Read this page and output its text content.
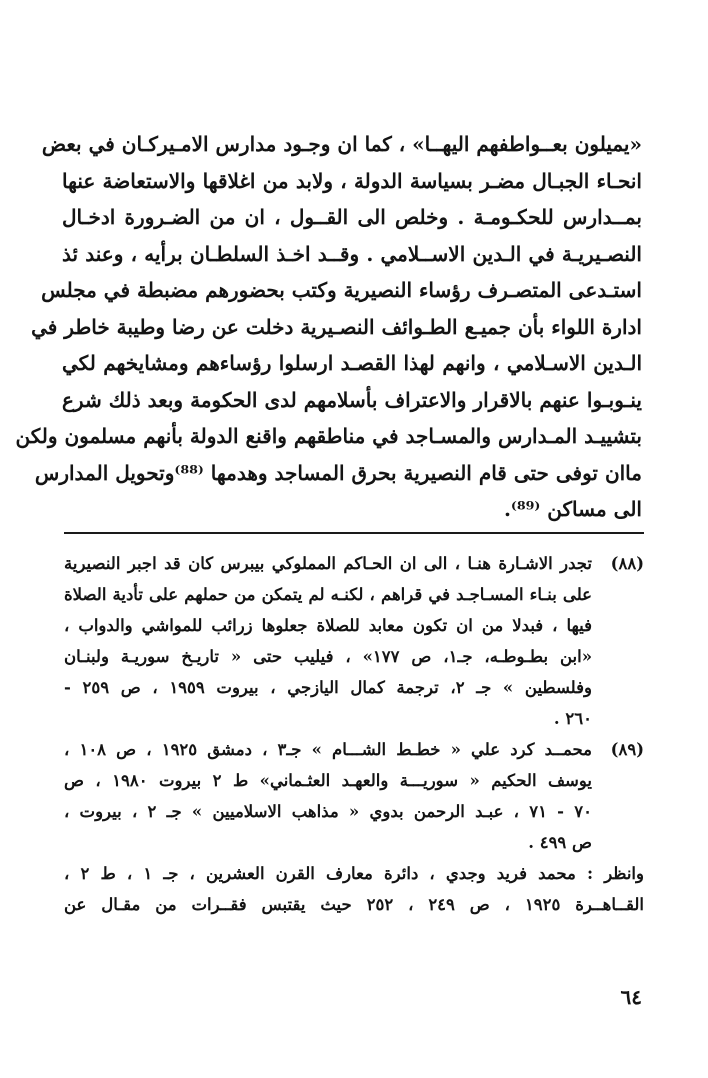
«يميلون بعــواطفهم اليهــا» ، كما ان وجـود مدارس الامـيركـان في بعض
انحـاء الجبـال مضـر بسياسة الدولة ، ولابد من اغلاقها والاستعاضة عنها
بمــدارس للحكـومـة . وخلص الى القــول ، ان من الضـرورة ادخـال
النصـيريـة في الـدين الاســلامي . وقــد اخـذ السلطـان برأيه ، وعند ئذ
استـدعى المتصـرف رؤساء النصيرية وكتب بحضورهم مضبطة في مجلس
ادارة اللواء بأن جميـع الطـوائف النصـيرية دخلت عن رضا وطيبة خاطر في
الـدين الاسـلامي ، وانهم لهذا القصـد ارسلوا رؤساءهم ومشايخهم لكي
ينـوبـوا عنهم بالاقرار والاعتراف بأسلامهم لدى الحكومة وبعد ذلك شرع
بتشييـد المـدارس والمسـاجد في مناطقهم واقنع الدولة بأنهم مسلمون ولكن
ماان توفى حتى قام النصيرية بحرق المساجد وهدمها ⁽⁸⁸⁾وتحويل المدارس
الى مساكن ⁽⁸⁹⁾.
(٨٨)
تجدر الاشـارة هنـا ، الى ان الحـاكم المملوكي بيبرس كان قد اجبر النصيرية
على بنـاء المسـاجـد في قراهم ، لكنـه لم يتمكن من حملهم على تأدية الصلاة
فيها ، فبدلا من ان تكون معابد للصلاة جعلوها زرائب للمواشي والدواب ،
«ابن بطـوطـه، جـ١، ص ١٧٧» ، فيليب حتى « تاريـخ سوريـة ولبنـان
وفلسطين » جـ ٢، ترجمة كمال اليازجي ، بيروت ١٩٥٩ ، ص ٢٥٩ -
٢٦٠ .
(٨٩)
محمــد كرد علي « خطـط الشـــام » جـ٣ ، دمشق ١٩٢٥ ، ص ١٠٨ ،
يوسف الحكيم « سوريـــة والعهـد العثـماني» ط ٢ بيروت ١٩٨٠ ، ص
٧٠ - ٧١ ، عبـد الرحمن بدوي « مذاهب الاسلاميين » جـ ٢ ، بيروت ،
ص ٤٩٩ .
وانظر : محمد فريد وجدي ، دائرة معارف القرن العشرين ، جـ ١ ، ط ٢ ،
القــاهــرة ١٩٢٥ ، ص ٢٤٩ ، ٢٥٢ حيث يقتبس فقــرات من مقـال عن
٦٤
